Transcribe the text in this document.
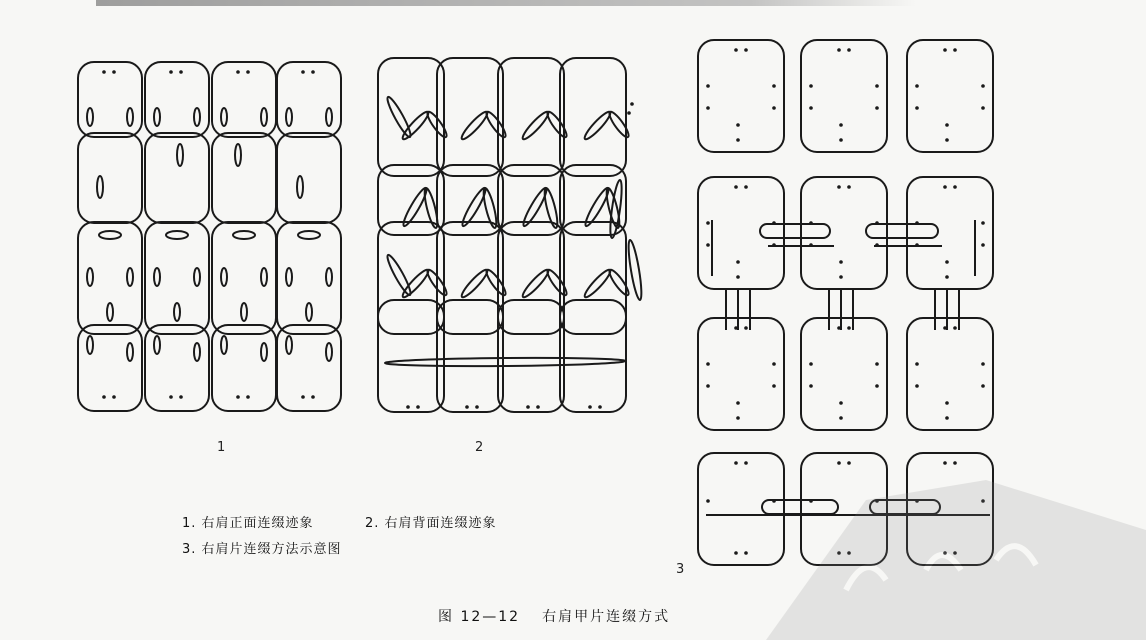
1	2
3
1. 右肩正面连缀迹象	2. 右肩背面连缀迹象
3. 右肩片连缀方法示意图
图 12—12 右肩甲片连缀方式
